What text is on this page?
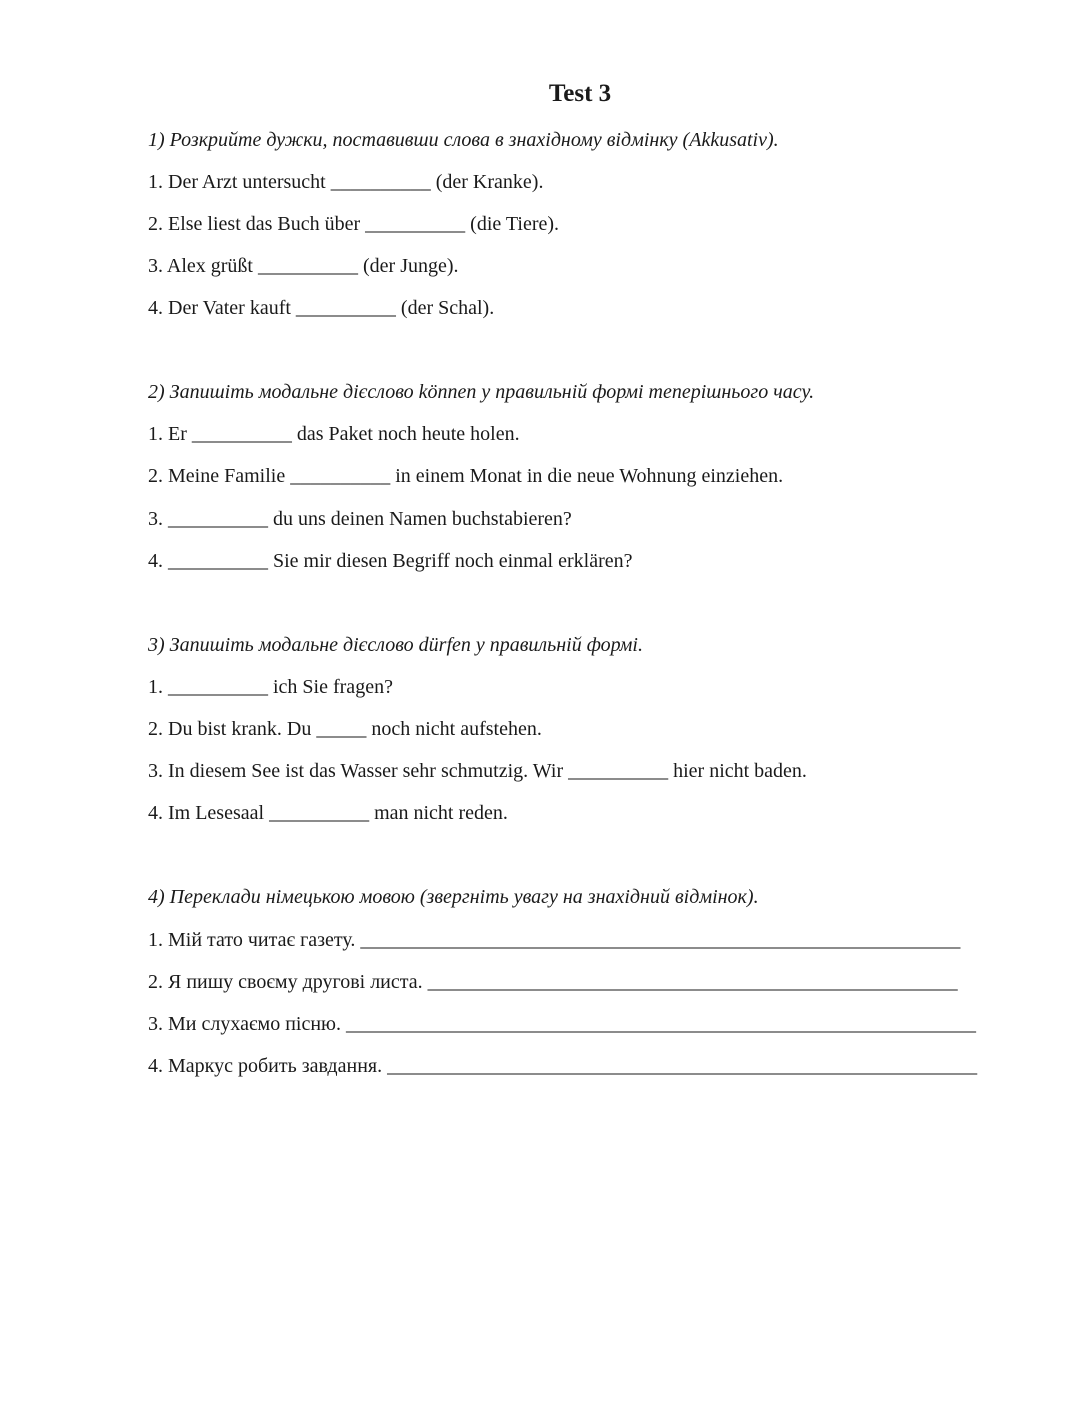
Test 3
1) Розкрийте дужки, поставивши слова в знахідному відмінку (Akkusativ).
1. Der Arzt untersucht __________ (der Kranke).
2. Else liest das Buch über __________ (die Tiere).
3. Alex grüßt __________ (der Junge).
4. Der Vater kauft __________ (der Schal).
2) Запишіть модальне дієслово können у правильній формі теперішнього часу.
1. Er __________ das Paket noch heute holen.
2. Meine Familie __________ in einem Monat in die neue Wohnung einziehen.
3. __________ du uns deinen Namen buchstabieren?
4. __________ Sie mir diesen Begriff noch einmal erklären?
3) Запишіть модальне дієслово dürfen у правильній формі.
1. __________ ich Sie fragen?
2. Du bist krank. Du _____ noch nicht aufstehen.
3. In diesem See ist das Wasser sehr schmutzig. Wir __________ hier nicht baden.
4. Im Lesesaal __________ man nicht reden.
4) Переклади німецькою мовою (звергніть увагу на знахідний відмінок).
1. Мій тато читає газету. ____________________________________________________________
2. Я пишу своєму другові листа. _____________________________________________________
3. Ми слухаємо пісню. _______________________________________________________________
4. Маркус робить завдання. ___________________________________________________________
